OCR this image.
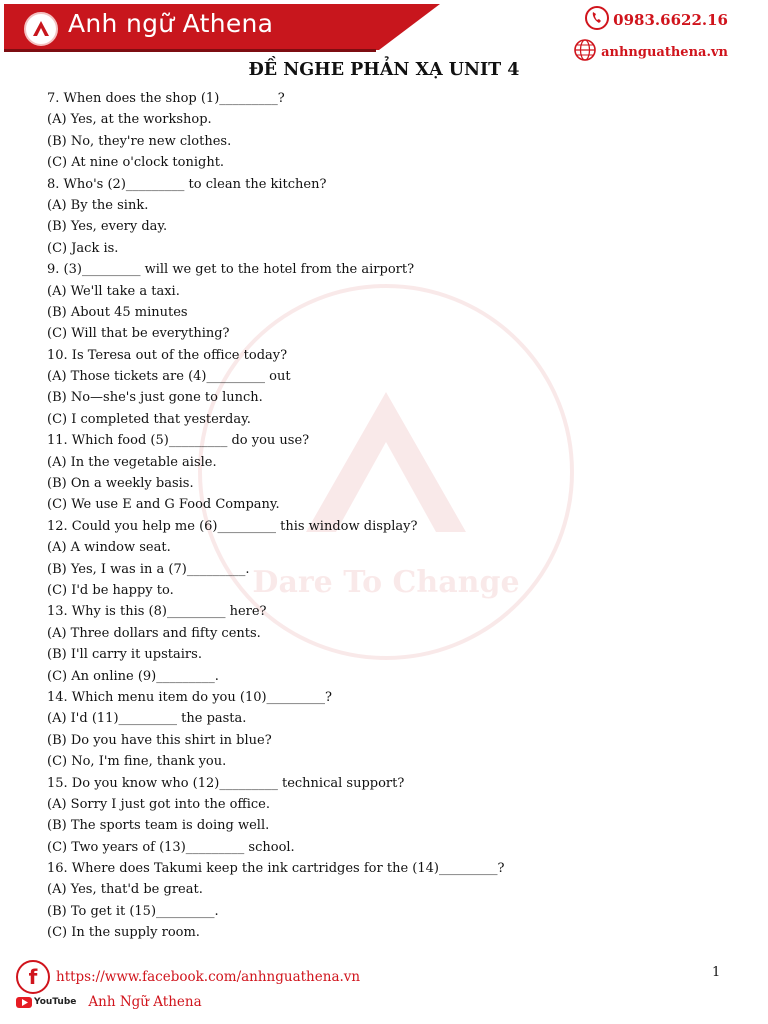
Anh ngữ Athena	0983.6622.16
anhnguathena.vn
Dare To Change
ĐỀ NGHE PHẢN XẠ UNIT 4
7. When does the shop (1)_________?
(A) Yes, at the workshop.
(B) No, they're new clothes.
(C) At nine o'clock tonight.
8. Who's (2)_________ to clean the kitchen?
(A) By the sink.
(B) Yes, every day.
(C) Jack is.
9. (3)_________ will we get to the hotel from the airport?
(A) We'll take a taxi.
(B) About 45 minutes
(C) Will that be everything?
10. Is Teresa out of the office today?
(A) Those tickets are (4)_________ out
(B) No—she's just gone to lunch.
(C) I completed that yesterday.
11. Which food (5)_________ do you use?
(A) In the vegetable aisle.
(B) On a weekly basis.
(C) We use E and G Food Company.
12. Could you help me (6)_________ this window display?
(A) A window seat.
(B) Yes, I was in a (7)_________.
(C) I'd be happy to.
13. Why is this (8)_________ here?
(A) Three dollars and fifty cents.
(B) I'll carry it upstairs.
(C) An online (9)_________.
14. Which menu item do you (10)_________?
(A) I'd (11)_________ the pasta.
(B) Do you have this shirt in blue?
(C) No, I'm fine, thank you.
15. Do you know who (12)_________ technical support?
(A) Sorry I just got into the office.
(B) The sports team is doing well.
(C) Two years of (13)_________ school.
16. Where does Takumi keep the ink cartridges for the (14)_________?
(A) Yes, that'd be great.
(B) To get it (15)_________.
(C) In the supply room.
1
f	https://www.facebook.com/anhnguathena.vn
YouTube Anh Ngữ Athena
